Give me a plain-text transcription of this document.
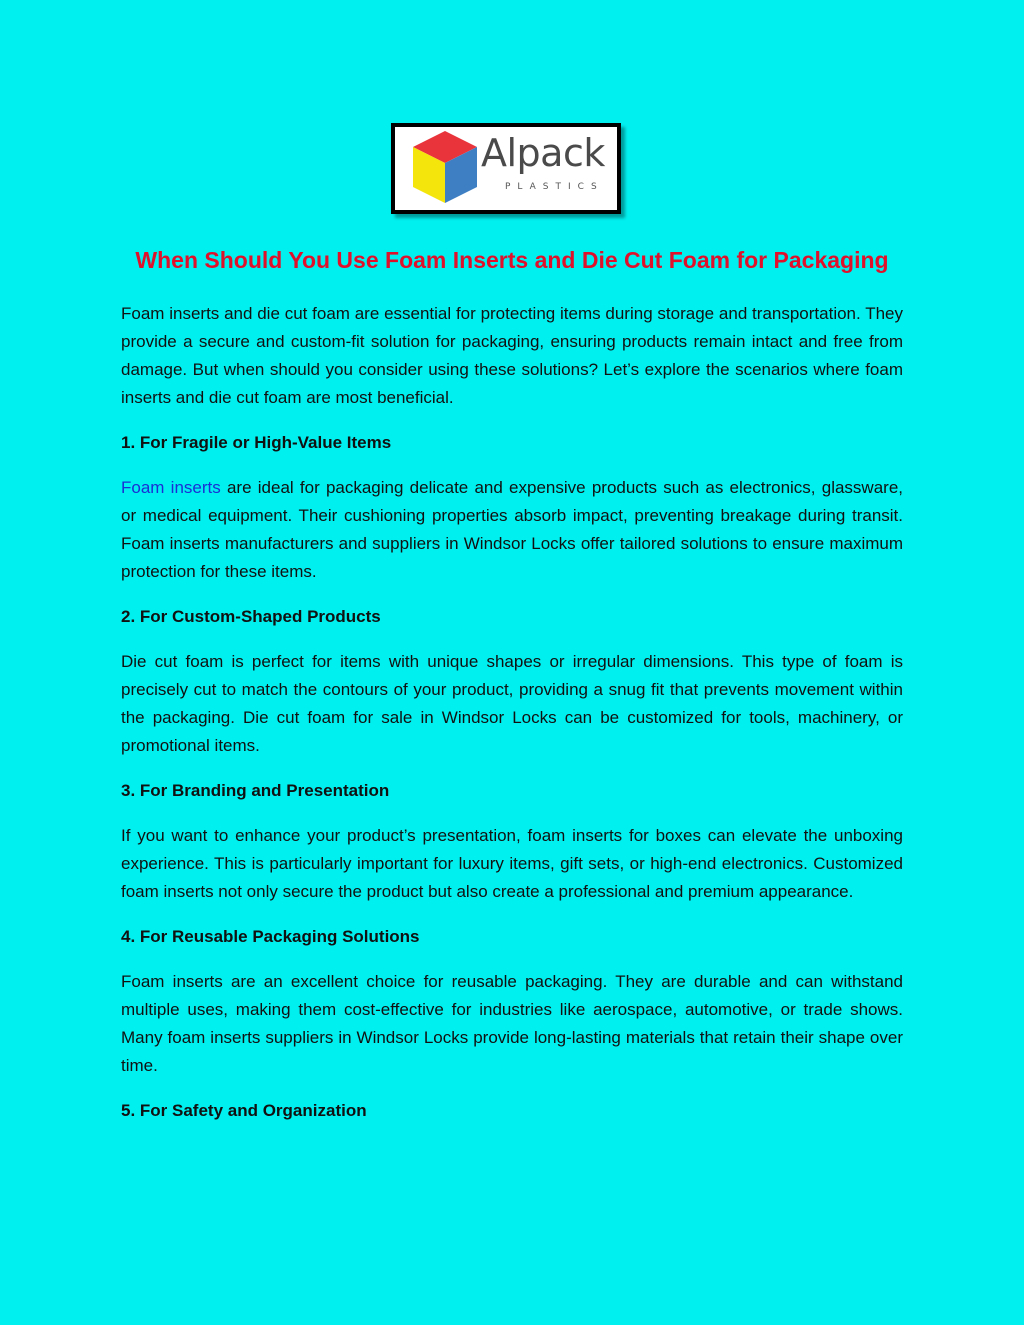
Alpack
PLASTICS
When Should You Use Foam Inserts and Die Cut Foam for Packaging

Foam inserts and die cut foam are essential for protecting items during storage and transportation. They provide a secure and custom-fit solution for packaging, ensuring products remain intact and free from damage. But when should you consider using these solutions? Let’s explore the scenarios where foam inserts and die cut foam are most beneficial.

1. For Fragile or High-Value Items

Foam inserts are ideal for packaging delicate and expensive products such as electronics, glassware, or medical equipment. Their cushioning properties absorb impact, preventing breakage during transit. Foam inserts manufacturers and suppliers in Windsor Locks offer tailored solutions to ensure maximum protection for these items.

2. For Custom-Shaped Products

Die cut foam is perfect for items with unique shapes or irregular dimensions. This type of foam is precisely cut to match the contours of your product, providing a snug fit that prevents movement within the packaging. Die cut foam for sale in Windsor Locks can be customized for tools, machinery, or promotional items.

3. For Branding and Presentation

If you want to enhance your product’s presentation, foam inserts for boxes can elevate the unboxing experience. This is particularly important for luxury items, gift sets, or high-end electronics. Customized foam inserts not only secure the product but also create a professional and premium appearance.

4. For Reusable Packaging Solutions

Foam inserts are an excellent choice for reusable packaging. They are durable and can withstand multiple uses, making them cost-effective for industries like aerospace, automotive, or trade shows. Many foam inserts suppliers in Windsor Locks provide long-lasting materials that retain their shape over time.

5. For Safety and Organization
